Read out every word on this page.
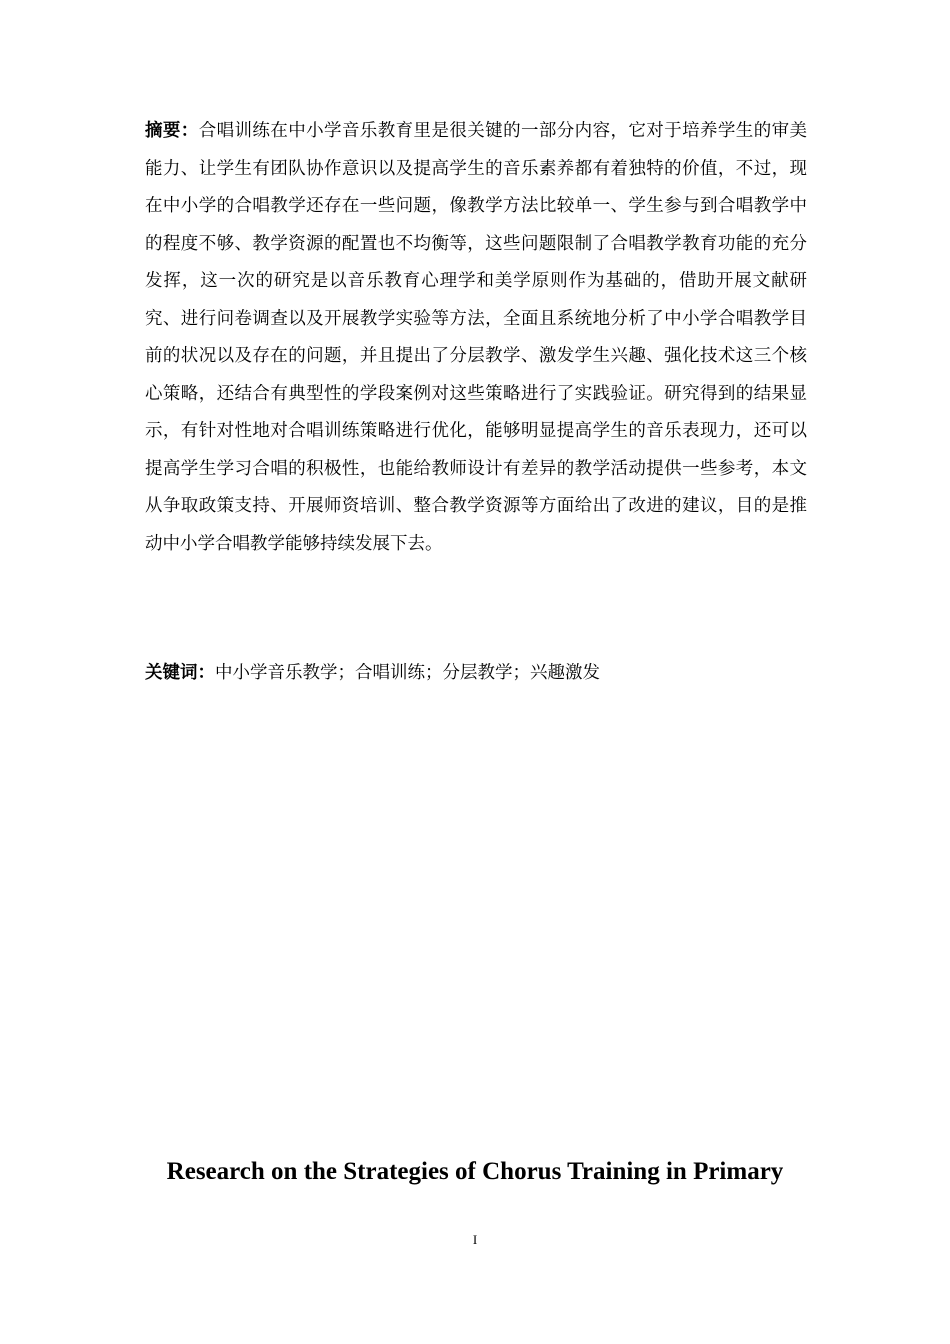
摘要：合唱训练在中小学音乐教育里是很关键的一部分内容，它对于培养学生的审美能力、让学生有团队协作意识以及提高学生的音乐素养都有着独特的价值，不过，现在中小学的合唱教学还存在一些问题，像教学方法比较单一、学生参与到合唱教学中的程度不够、教学资源的配置也不均衡等，这些问题限制了合唱教学教育功能的充分发挥，这一次的研究是以音乐教育心理学和美学原则作为基础的，借助开展文献研究、进行问卷调查以及开展教学实验等方法，全面且系统地分析了中小学合唱教学目前的状况以及存在的问题，并且提出了分层教学、激发学生兴趣、强化技术这三个核心策略，还结合有典型性的学段案例对这些策略进行了实践验证。研究得到的结果显示，有针对性地对合唱训练策略进行优化，能够明显提高学生的音乐表现力，还可以提高学生学习合唱的积极性，也能给教师设计有差异的教学活动提供一些参考，本文从争取政策支持、开展师资培训、整合教学资源等方面给出了改进的建议，目的是推动中小学合唱教学能够持续发展下去。

关键词：中小学音乐教学；合唱训练；分层教学；兴趣激发

Research on the Strategies of Chorus Training in Primary
I
